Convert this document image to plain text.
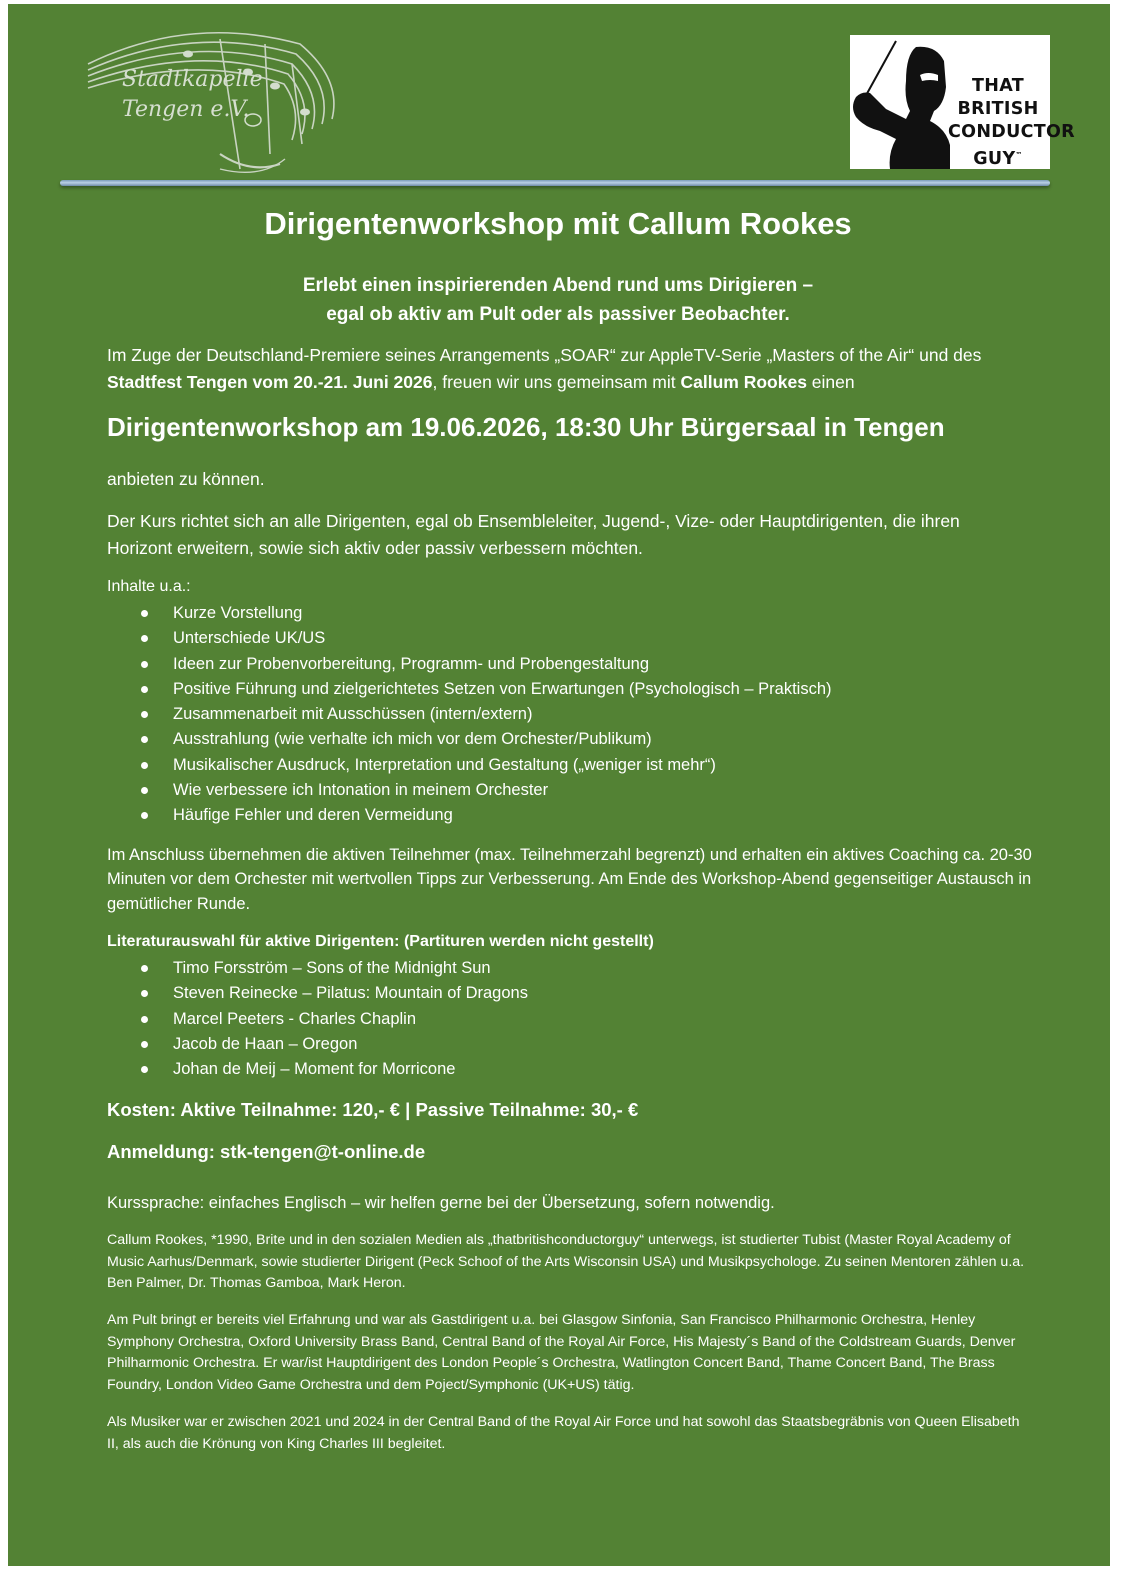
Stadtkapelle
Tengen e.V.
THAT
BRITISH
CONDUCTOR
GUY™
Dirigentenworkshop mit Callum Rookes
Erlebt einen inspirierenden Abend rund ums Dirigieren –
egal ob aktiv am Pult oder als passiver Beobachter.
Im Zuge der Deutschland-Premiere seines Arrangements „SOAR“ zur AppleTV-Serie „Masters of the Air“ und des Stadtfest Tengen vom 20.-21. Juni 2026, freuen wir uns gemeinsam mit Callum Rookes einen
Dirigentenworkshop am 19.06.2026, 18:30 Uhr Bürgersaal in Tengen
anbieten zu können.
Der Kurs richtet sich an alle Dirigenten, egal ob Ensembleleiter, Jugend-, Vize- oder Hauptdirigenten, die ihren Horizont erweitern, sowie sich aktiv oder passiv verbessern möchten.
Inhalte u.a.:
Kurze Vorstellung
Unterschiede UK/US
Ideen zur Probenvorbereitung, Programm- und Probengestaltung
Positive Führung und zielgerichtetes Setzen von Erwartungen (Psychologisch – Praktisch)
Zusammenarbeit mit Ausschüssen (intern/extern)
Ausstrahlung (wie verhalte ich mich vor dem Orchester/Publikum)
Musikalischer Ausdruck, Interpretation und Gestaltung („weniger ist mehr“)
Wie verbessere ich Intonation in meinem Orchester
Häufige Fehler und deren Vermeidung
Im Anschluss übernehmen die aktiven Teilnehmer (max. Teilnehmerzahl begrenzt) und erhalten ein aktives Coaching ca. 20-30 Minuten vor dem Orchester mit wertvollen Tipps zur Verbesserung. Am Ende des Workshop-Abend gegenseitiger Austausch in gemütlicher Runde.
Literaturauswahl für aktive Dirigenten: (Partituren werden nicht gestellt)
Timo Forsström – Sons of the Midnight Sun
Steven Reinecke – Pilatus: Mountain of Dragons
Marcel Peeters - Charles Chaplin
Jacob de Haan – Oregon
Johan de Meij – Moment for Morricone
Kosten: Aktive Teilnahme: 120,- € | Passive Teilnahme: 30,- €
Anmeldung: stk-tengen@t-online.de
Kurssprache: einfaches Englisch – wir helfen gerne bei der Übersetzung, sofern notwendig.
Callum Rookes, *1990, Brite und in den sozialen Medien als „thatbritishconductorguy“ unterwegs, ist studierter Tubist (Master Royal Academy of Music Aarhus/Denmark, sowie studierter Dirigent (Peck Schoof of the Arts Wisconsin USA) und Musikpsychologe. Zu seinen Mentoren zählen u.a. Ben Palmer, Dr. Thomas Gamboa, Mark Heron.
Am Pult bringt er bereits viel Erfahrung und war als Gastdirigent u.a. bei Glasgow Sinfonia, San Francisco Philharmonic Orchestra, Henley Symphony Orchestra, Oxford University Brass Band, Central Band of the Royal Air Force, His Majesty´s Band of the Coldstream Guards, Denver Philharmonic Orchestra. Er war/ist Hauptdirigent des London People´s Orchestra, Watlington Concert Band, Thame Concert Band, The Brass Foundry, London Video Game Orchestra und dem Poject/Symphonic (UK+US) tätig.
Als Musiker war er zwischen 2021 und 2024 in der Central Band of the Royal Air Force und hat sowohl das Staatsbegräbnis von Queen Elisabeth II, als auch die Krönung von King Charles III begleitet.
